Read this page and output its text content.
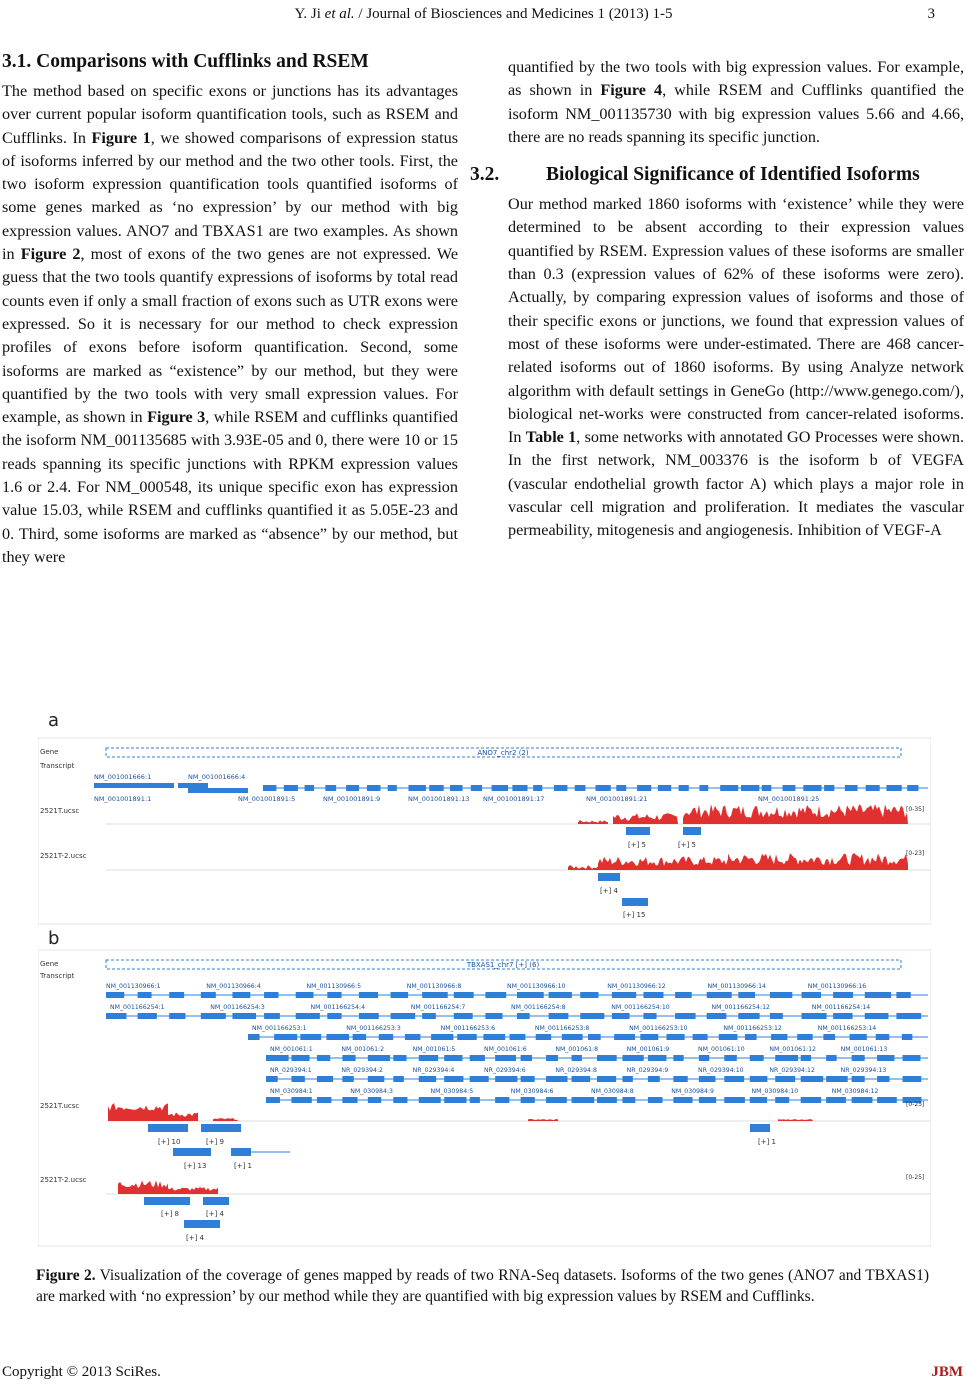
Y. Ji et al. / Journal of Biosciences and Medicines 1 (2013) 1-5	3
3.1. Comparisons with Cufflinks and RSEM

The method based on specific exons or junctions has its advantages over current popular isoform quantification tools, such as RSEM and Cufflinks. In Figure 1, we showed comparisons of expression status of isoforms inferred by our method and the two other tools. First, the two isoform expression quantification tools quantified isoforms of some genes marked as ‘no expression’ by our method with big expression values. ANO7 and TBXAS1 are two examples. As shown in Figure 2, most of exons of the two genes are not expressed. We guess that the two tools quantify expressions of isoforms by total read counts even if only a small fraction of exons such as UTR exons were expressed. So it is necessary for our method to check expression profiles of exons before isoform quantification. Second, some isoforms are marked as “existence” by our method, but they were quantified by the two tools with very small expression values. For example, as shown in Figure 3, while RSEM and cufflinks quantified the isoform NM_001135685 with 3.93E-05 and 0, there were 10 or 15 reads spanning its specific junctions with RPKM expression values 1.6 or 2.4. For NM_000548, its unique specific exon has expression value 15.03, while RSEM and cufflinks quantified it as 5.05E-23 and 0. Third, some isoforms are marked as “absence” by our method, but they were

quantified by the two tools with big expression values. For example, as shown in Figure 4, while RSEM and Cufflinks quantified the isoform NM_001135730 with big expression values 5.66 and 4.66, there are no reads spanning its specific junction.

3.2. Biological Significance of Identified Isoforms

Our method marked 1860 isoforms with ‘existence’ while they were determined to be absent according to their expression values quantified by RSEM. Expression values of these isoforms are smaller than 0.3 (expression values of 62% of these isoforms were zero). Actually, by comparing expression values of isoforms and those of their specific exons or junctions, we found that expression values of most of these isoforms were under-estimated. There are 468 cancer-related isoforms out of 1860 isoforms. By using Analyze network algorithm with default settings in GeneGo (http://www.genego.com/), biological net-works were constructed from cancer-related isoforms. In Table 1, some networks with annotated GO Processes were shown. In the first network, NM_003376 is the isoform b of VEGFA (vascular endothelial growth factor A) which plays a major role in vascular cell migration and proliferation. It mediates the vascular permeability, mitogenesis and angiogenesis. Inhibition of VEGF-A

a
b
Gene	ANO7_chr2 (2)
Transcript
NM_001001666:1	NM_001001666:4
NM_001001891:1	NM_001001891:5	NM_001001891:9	NM_001001891:13 NM_001001891:17	NM_001001891:21	NM_001001891:25
2521T.ucsc	[0-35]
[+] 5	[+] 5
2521T-2.ucsc	[0-23]
[+] 4
[+] 15
Gene	TBXAS1_chr7 [+] (6)
Transcript
NM_001130966:1	NM_001130966:4	NM_001130966:5	NM_001130966:8	NM_001130966:10	NM_001130966:12	NM_001130966:14	NM_001130966:16
NM_001166254:1	NM_001166254:3	NM_001166254:4	NM_001166254:7	NM_001166254:8	NM_001166254:10	NM_001166254:12	NM_001166254:14
NM_001166253:1	NM_001166253:3	NM_001166253:6	NM_001166253:8	NM_001166253:10	NM_001166253:12	NM_001166253:14
NM_001061:1	NM_001061:2	NM_001061:5	NM_001061:6	NM_001061:8	NM_001061:9	NM_001061:10	NM_001061:12	NM_001061:13
NR_029394:1	NR_029394:2	NR_029394:4	NR_029394:6	NR_029394:8	NR_029394:9	NR_029394:10	NR_029394:12	NR_029394:13
NM_030984:1	NM_030984:3	NM_030984:5	NM_030984:6	NM_030984:8	NM_030984:9	NM_030984:10	NM_030984:12
2521T.ucsc	[0-25]
[+] 10	[+] 9
[+] 13	[+] 1
[+] 1
2521T-2.ucsc	[0-25]
[+] 8	[+] 4
[+] 4
Figure 2. Visualization of the coverage of genes mapped by reads of two RNA-Seq datasets. Isoforms of the two genes (ANO7 and TBXAS1) are marked with ‘no expression’ by our method while they are quantified with big expression values by RSEM and Cufflinks.
Copyright © 2013 SciRes.	JBM
